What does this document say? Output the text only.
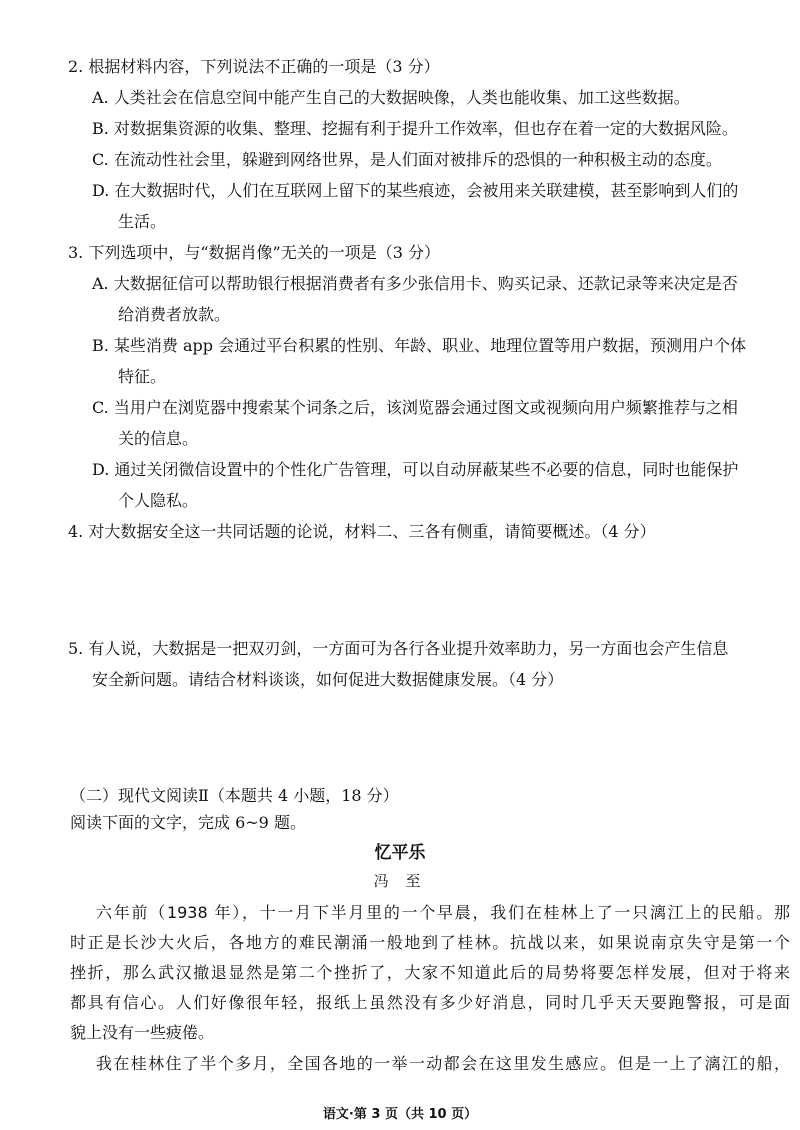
2. 根据材料内容，下列说法不正确的一项是（3 分）
A. 人类社会在信息空间中能产生自己的大数据映像，人类也能收集、加工这些数据。
B. 对数据集资源的收集、整理、挖掘有利于提升工作效率，但也存在着一定的大数据风险。
C. 在流动性社会里，躲避到网络世界，是人们面对被排斥的恐惧的一种积极主动的态度。
D. 在大数据时代，人们在互联网上留下的某些痕迹，会被用来关联建模，甚至影响到人们的
生活。
3. 下列选项中，与“数据肖像”无关的一项是（3 分）
A. 大数据征信可以帮助银行根据消费者有多少张信用卡、购买记录、还款记录等来决定是否
给消费者放款。
B. 某些消费 app 会通过平台积累的性别、年龄、职业、地理位置等用户数据，预测用户个体
特征。
C. 当用户在浏览器中搜索某个词条之后，该浏览器会通过图文或视频向用户频繁推荐与之相
关的信息。
D. 通过关闭微信设置中的个性化广告管理，可以自动屏蔽某些不必要的信息，同时也能保护
个人隐私。
4. 对大数据安全这一共同话题的论说，材料二、三各有侧重，请简要概述。（4 分）
5. 有人说，大数据是一把双刃剑，一方面可为各行各业提升效率助力，另一方面也会产生信息
安全新问题。请结合材料谈谈，如何促进大数据健康发展。（4 分）
（二）现代文阅读Ⅱ（本题共 4 小题，18 分）
阅读下面的文字，完成 6~9 题。
忆平乐
冯 至
六年前（1938 年），十一月下半月里的一个早晨，我们在桂林上了一只漓江上的民船。那
时正是长沙大火后，各地方的难民潮涌一般地到了桂林。抗战以来，如果说南京失守是第一个
挫折，那么武汉撤退显然是第二个挫折了，大家不知道此后的局势将要怎样发展，但对于将来
都具有信心。人们好像很年轻，报纸上虽然没有多少好消息，同时几乎天天要跑警报，可是面
貌上没有一些疲倦。
我在桂林住了半个多月，全国各地的一举一动都会在这里发生感应。但是一上了漓江的船，
语文·第 3 页（共 10 页）
